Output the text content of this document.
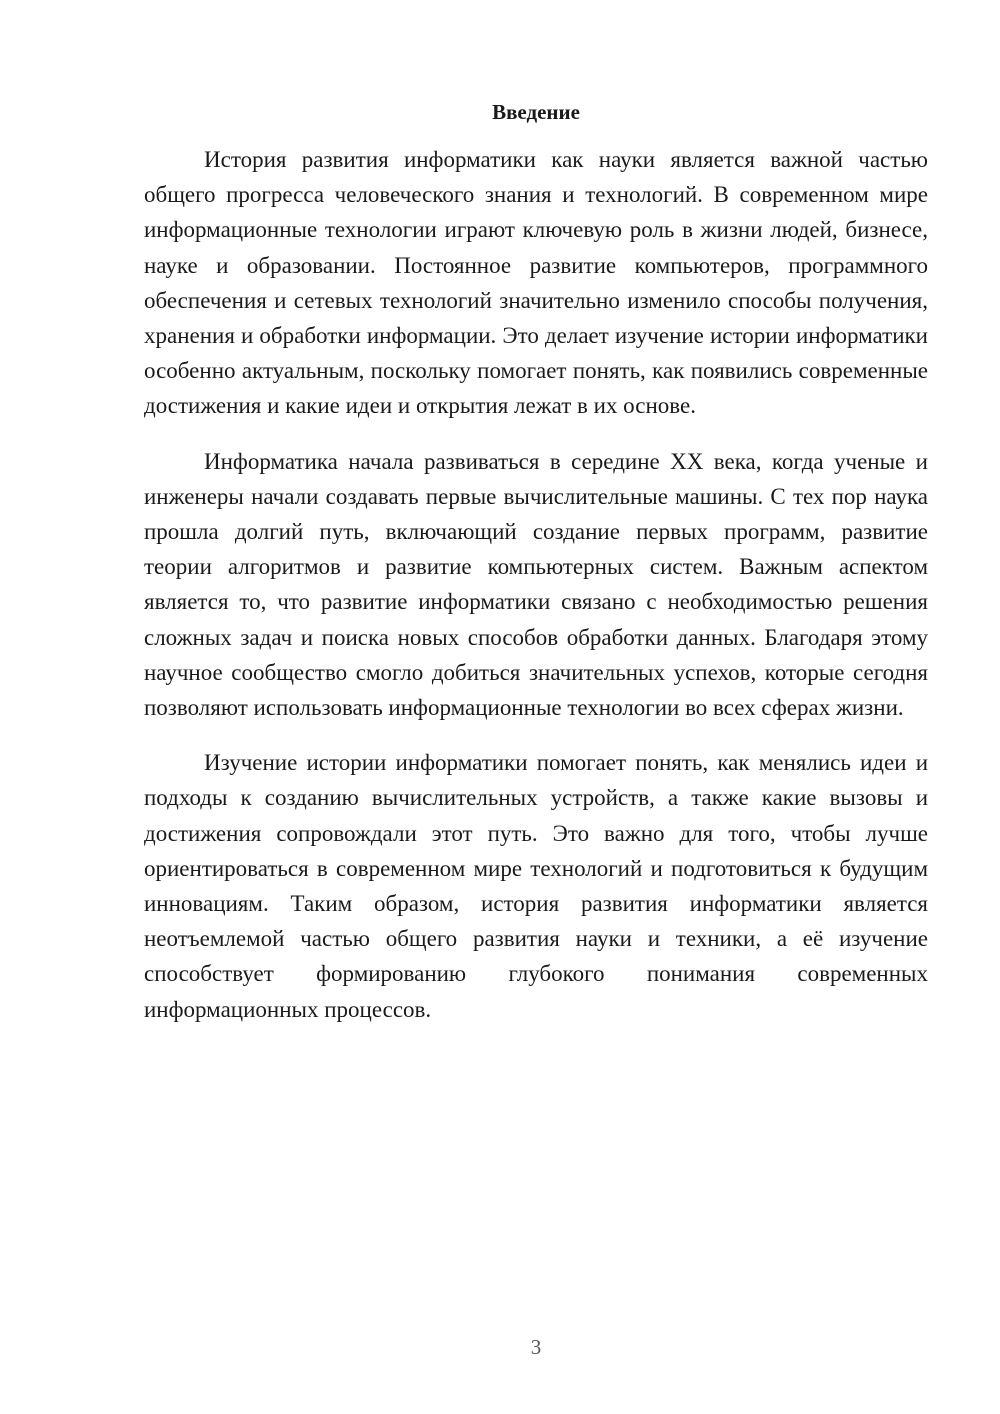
Введение

История развития информатики как науки является важной частью общего прогресса человеческого знания и технологий. В современном мире информационные технологии играют ключевую роль в жизни людей, бизнесе, науке и образовании. Постоянное развитие компьютеров, программного обеспечения и сетевых технологий значительно изменило способы получения, хранения и обработки информации. Это делает изучение истории информатики особенно актуальным, поскольку помогает понять, как появились современные достижения и какие идеи и открытия лежат в их основе.

Информатика начала развиваться в середине XX века, когда ученые и инженеры начали создавать первые вычислительные машины. С тех пор наука прошла долгий путь, включающий создание первых программ, развитие теории алгоритмов и развитие компьютерных систем. Важным аспектом является то, что развитие информатики связано с необходимостью решения сложных задач и поиска новых способов обработки данных. Благодаря этому научное сообщество смогло добиться значительных успехов, которые сегодня позволяют использовать информационные технологии во всех сферах жизни.

Изучение истории информатики помогает понять, как менялись идеи и подходы к созданию вычислительных устройств, а также какие вызовы и достижения сопровождали этот путь. Это важно для того, чтобы лучше ориентироваться в современном мире технологий и подготовиться к будущим инновациям. Таким образом, история развития информатики является неотъемлемой частью общего развития науки и техники, а её изучение способствует формированию глубокого понимания современных информационных процессов.

3
